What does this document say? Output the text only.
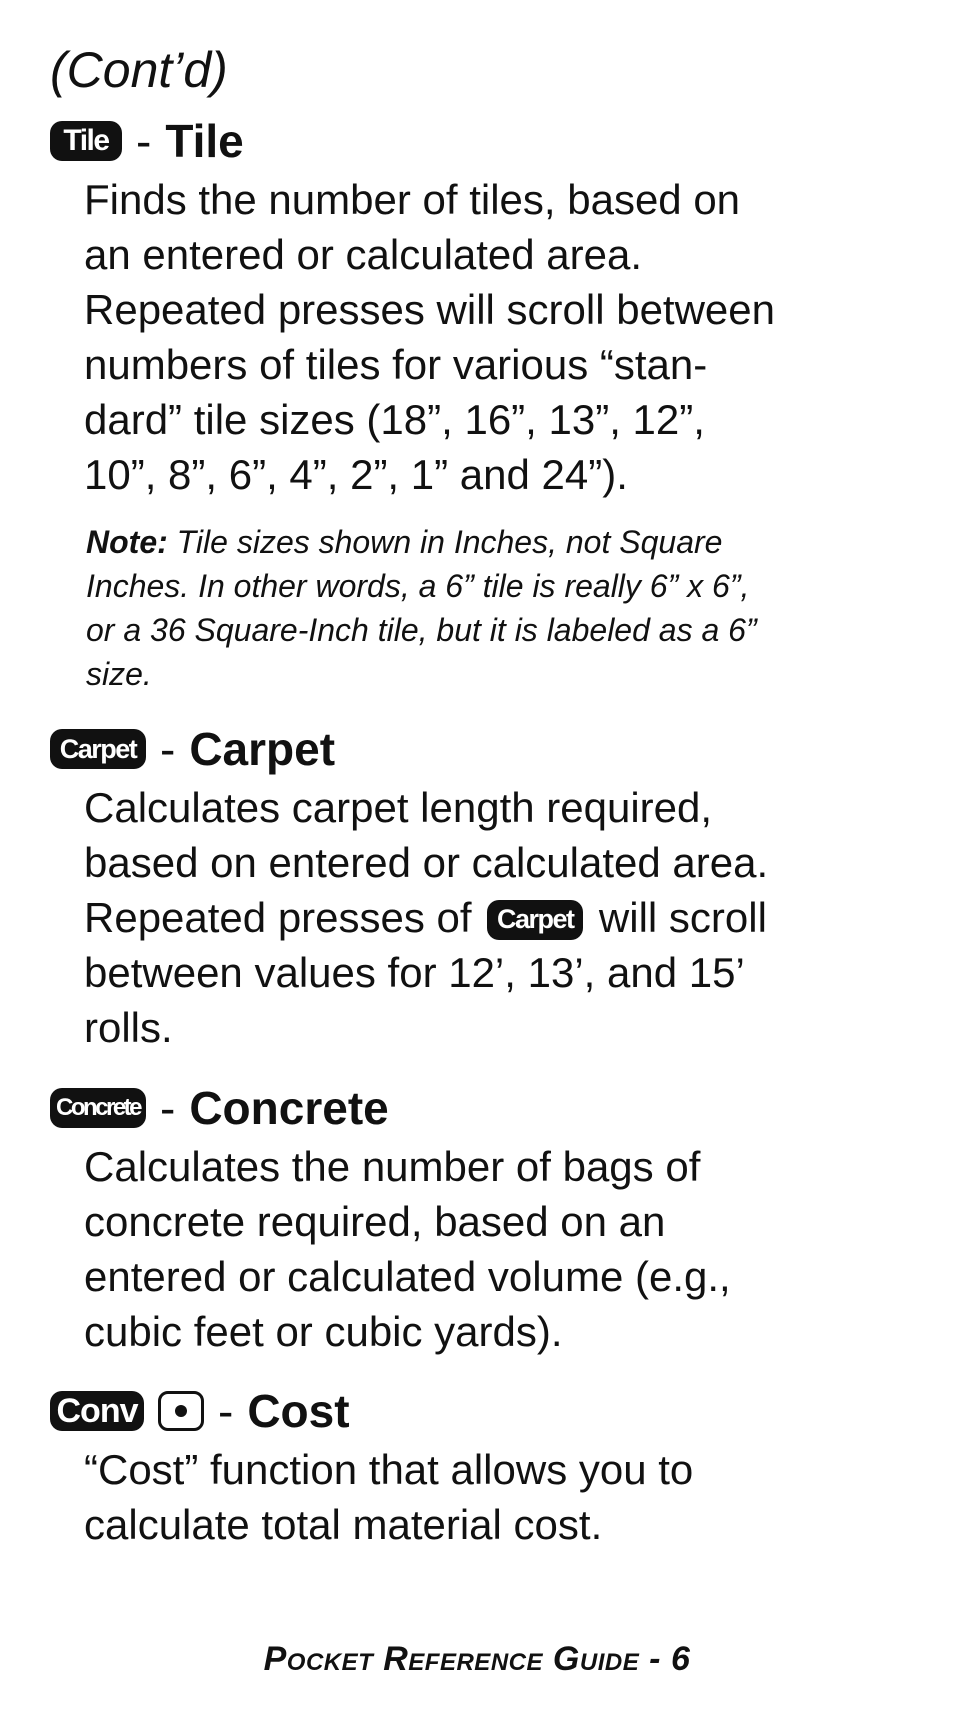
(Cont’d)
Tile - Tile
Finds the number of tiles, based on
an entered or calculated area.
Repeated presses will scroll between
numbers of tiles for various “stan-
dard” tile sizes (18”, 16”, 13”, 12”,
10”, 8”, 6”, 4”, 2”, 1” and 24”).
Note: Tile sizes shown in Inches, not Square
Inches. In other words, a 6” tile is really 6” x 6”,
or a 36 Square-Inch tile, but it is labeled as a 6”
size.
Carpet - Carpet
Calculates carpet length required,
based on entered or calculated area.
Repeated presses of Carpet will scroll
between values for 12’, 13’, and 15’
rolls.
Concrete - Concrete
Calculates the number of bags of
concrete required, based on an
entered or calculated volume (e.g.,
cubic feet or cubic yards).
Conv - Cost
“Cost” function that allows you to
calculate total material cost.
Pocket Reference Guide - 6
